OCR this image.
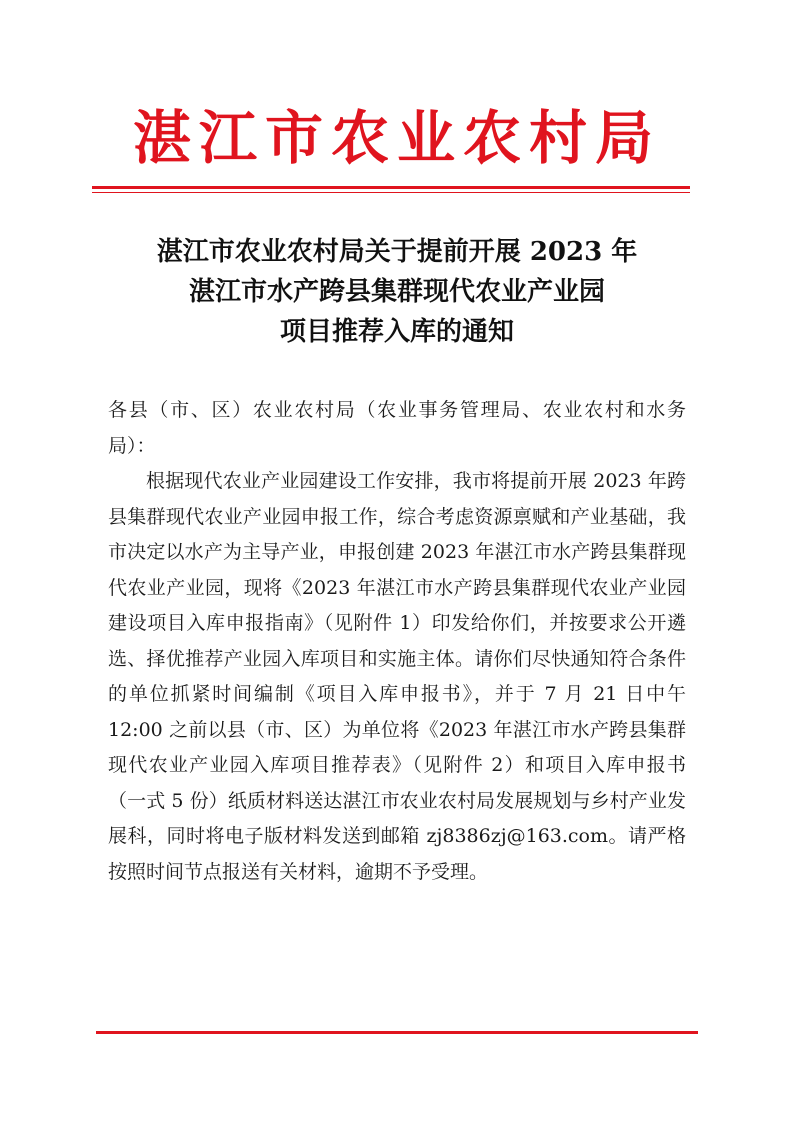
湛江市农业农村局
湛江市农业农村局关于提前开展 2023 年
湛江市水产跨县集群现代农业产业园
项目推荐入库的通知

各县（市、区）农业农村局（农业事务管理局、农业农村和水务局）：

根据现代农业产业园建设工作安排，我市将提前开展 2023 年跨县集群现代农业产业园申报工作，综合考虑资源禀赋和产业基础，我市决定以水产为主导产业，申报创建 2023 年湛江市水产跨县集群现代农业产业园，现将《2023 年湛江市水产跨县集群现代农业产业园建设项目入库申报指南》（见附件 1）印发给你们，并按要求公开遴选、择优推荐产业园入库项目和实施主体。请你们尽快通知符合条件的单位抓紧时间编制《项目入库申报书》，并于 7 月 21 日中午 12:00 之前以县（市、区）为单位将《2023 年湛江市水产跨县集群现代农业产业园入库项目推荐表》（见附件 2）和项目入库申报书（一式 5 份）纸质材料送达湛江市农业农村局发展规划与乡村产业发展科，同时将电子版材料发送到邮箱 zj8386zj@163.com。请严格按照时间节点报送有关材料，逾期不予受理。
